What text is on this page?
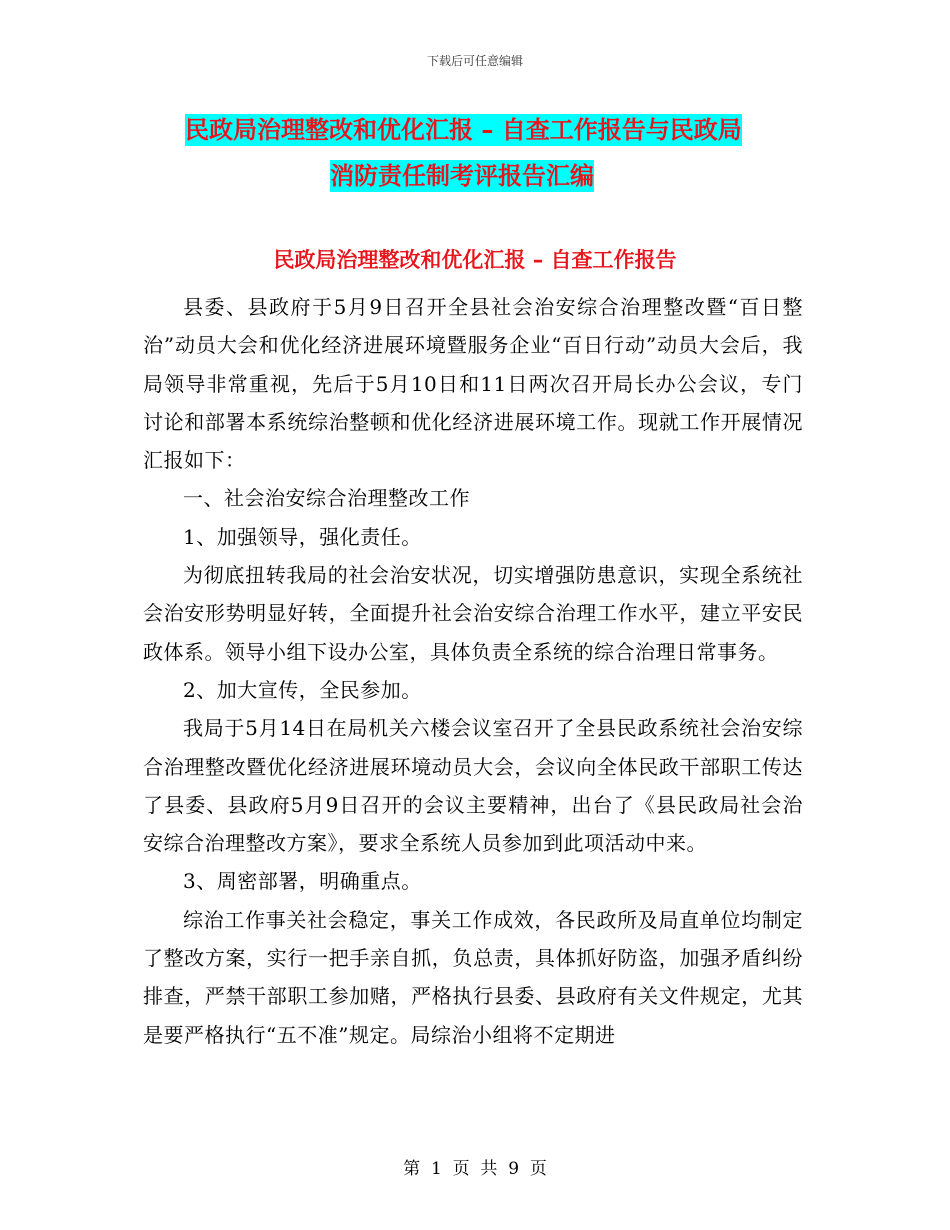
下载后可任意编辑
民政局治理整改和优化汇报 – 自查工作报告与民政局
消防责任制考评报告汇编
民政局治理整改和优化汇报 – 自查工作报告

县委、县政府于5月9日召开全县社会治安综合治理整改暨“百日整治”动员大会和优化经济进展环境暨服务企业“百日行动”动员大会后，我局领导非常重视，先后于5月10日和11日两次召开局长办公会议，专门讨论和部署本系统综治整顿和优化经济进展环境工作。现就工作开展情况汇报如下：

一、社会治安综合治理整改工作

1、加强领导，强化责任。

为彻底扭转我局的社会治安状况，切实增强防患意识，实现全系统社会治安形势明显好转，全面提升社会治安综合治理工作水平，建立平安民政体系。领导小组下设办公室，具体负责全系统的综合治理日常事务。

2、加大宣传，全民参加。

我局于5月14日在局机关六楼会议室召开了全县民政系统社会治安综合治理整改暨优化经济进展环境动员大会，会议向全体民政干部职工传达了县委、县政府5月9日召开的会议主要精神，出台了《县民政局社会治安综合治理整改方案》，要求全系统人员参加到此项活动中来。

3、周密部署，明确重点。

综治工作事关社会稳定，事关工作成效，各民政所及局直单位均制定了整改方案，实行一把手亲自抓，负总责，具体抓好防盗，加强矛盾纠纷排查，严禁干部职工参加赌，严格执行县委、县政府有关文件规定，尤其是要严格执行“五不准”规定。局综治小组将不定期进

第  1  页  共  9  页
